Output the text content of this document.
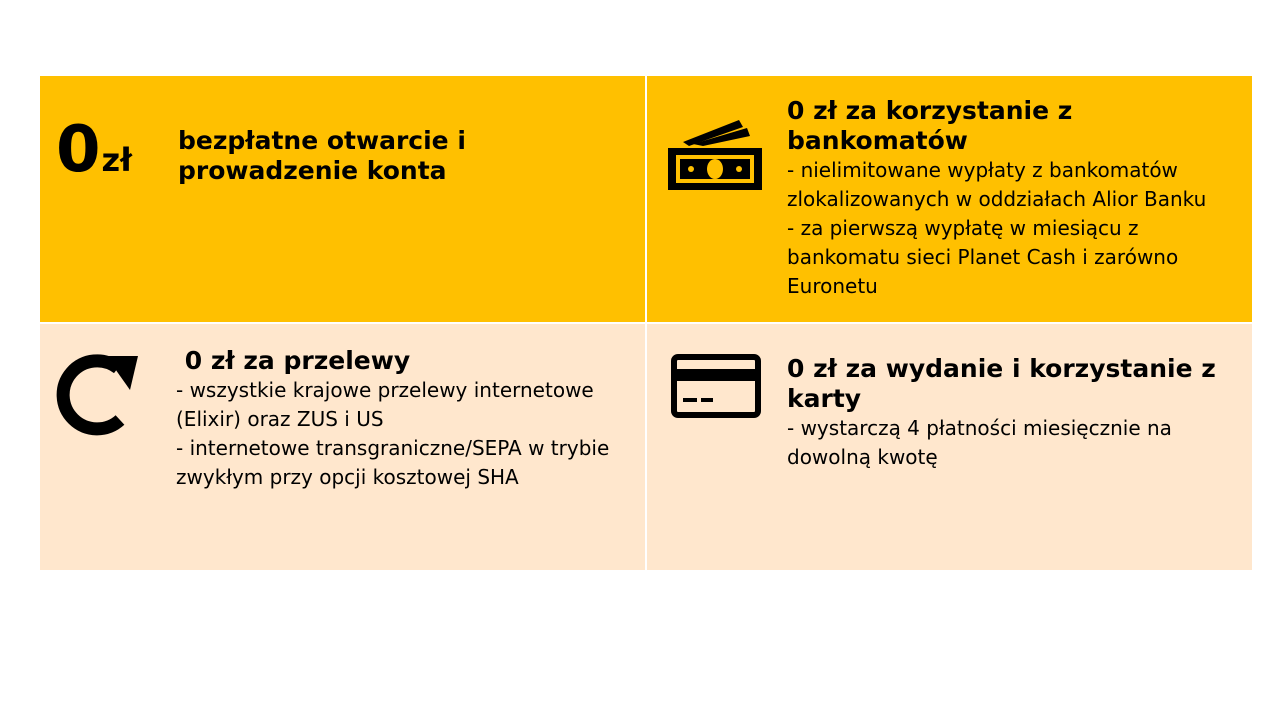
0zł

bezpłatne otwarcie i prowadzenie konta

0 zł za korzystanie z bankomatów

- nielimitowane wypłaty z bankomatów

zlokalizowanych w oddziałach Alior Banku

- za pierwszą wypłatę w miesiącu z

bankomatu sieci Planet Cash i zarówno

Euronetu

0 zł za przelewy

- wszystkie krajowe przelewy internetowe

(Elixir) oraz ZUS i US

- internetowe transgraniczne/SEPA w trybie

zwykłym przy opcji kosztowej SHA

0 zł za wydanie i korzystanie z karty

- wystarczą 4 płatności miesięcznie na

dowolną kwotę
